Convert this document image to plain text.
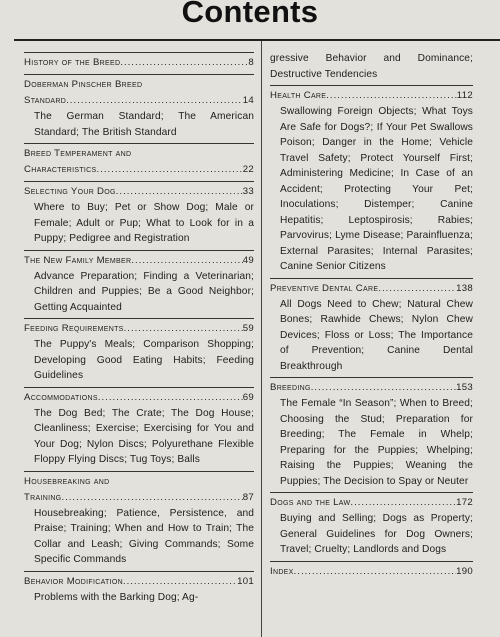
Contents
History of the Breed .....	8
Doberman Pinscher Breed
Standard .....	14
The German Standard; The American Standard; The British Standard
Breed Temperament and
Characteristics .....	22
Selecting Your Dog .....	33
Where to Buy; Pet or Show Dog; Male or Female; Adult or Pup; What to Look for in a Puppy; Pedigree and Registration
The New Family Member .....	49
Advance Preparation; Finding a Veterinarian; Children and Puppies; Be a Good Neighbor; Getting Acquainted
Feeding Requirements .....	59
The Puppy's Meals; Comparison Shopping; Developing Good Eating Habits; Feeding Guidelines
Accommodations .....	69
The Dog Bed; The Crate; The Dog House; Cleanliness; Exercise; Exercising for You and Your Dog; Nylon Discs; Polyurethane Flexible Floppy Flying Discs; Tug Toys; Balls
Housebreaking and
Training .....	87
Housebreaking; Patience, Persistence, and Praise; Training; When and How to Train; The Collar and Leash; Giving Commands; Some Specific Commands
Behavior Modification .....	101
Problems with the Barking Dog; Ag-
gressive Behavior and Dominance; Destructive Tendencies
Health Care .....	112
Swallowing Foreign Objects; What Toys Are Safe for Dogs?; If Your Pet Swallows Poison; Danger in the Home; Vehicle Travel Safety; Protect Yourself First; Administering Medicine; In Case of an Accident; Protecting Your Pet; Inoculations; Distemper; Canine Hepatitis; Leptospirosis; Rabies; Parvovirus; Lyme Disease; Parainfluenza; External Parasites; Internal Parasites; Canine Senior Citizens
Preventive Dental Care .....	138
All Dogs Need to Chew; Natural Chew Bones; Rawhide Chews; Nylon Chew Devices; Floss or Loss; The Importance of Prevention; Canine Dental Breakthrough
Breeding .....	153
The Female “In Season”; When to Breed; Choosing the Stud; Preparation for Breeding; The Female in Whelp; Preparing for the Puppies; Whelping; Raising the Puppies; Weaning the Puppies; The Decision to Spay or Neuter
Dogs and the Law .....	172
Buying and Selling; Dogs as Property; General Guidelines for Dog Owners; Travel; Cruelty; Landlords and Dogs
Index .....	190
